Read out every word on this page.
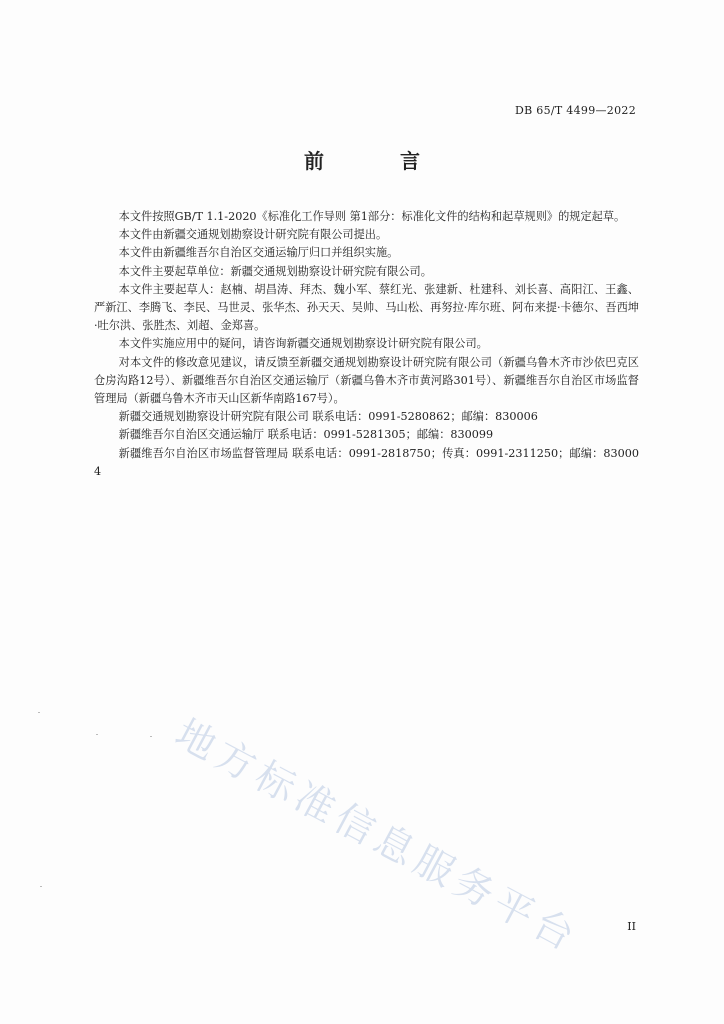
DB 65/T 4499—2022
前　言

本文件按照GB/T 1.1-2020《标准化工作导则 第1部分：标准化文件的结构和起草规则》的规定起草。

本文件由新疆交通规划勘察设计研究院有限公司提出。

本文件由新疆维吾尔自治区交通运输厅归口并组织实施。

本文件主要起草单位：新疆交通规划勘察设计研究院有限公司。

本文件主要起草人：赵楠、胡昌涛、拜杰、魏小军、蔡红光、张建新、杜建科、刘长喜、高阳江、王鑫、严新江、李腾飞、李民、马世灵、张华杰、孙天天、吴帅、马山松、再努拉·库尔班、阿布来提·卡德尔、吾西坤·吐尔洪、张胜杰、刘超、金郑喜。

本文件实施应用中的疑问，请咨询新疆交通规划勘察设计研究院有限公司。

对本文件的修改意见建议，请反馈至新疆交通规划勘察设计研究院有限公司（新疆乌鲁木齐市沙依巴克区仓房沟路12号）、新疆维吾尔自治区交通运输厅（新疆乌鲁木齐市黄河路301号）、新疆维吾尔自治区市场监督管理局（新疆乌鲁木齐市天山区新华南路167号）。

新疆交通规划勘察设计研究院有限公司 联系电话：0991-5280862；邮编：830006

新疆维吾尔自治区交通运输厅 联系电话：0991-5281305；邮编：830099

新疆维吾尔自治区市场监督管理局 联系电话：0991-2818750；传真：0991-2311250；邮编：830004

地方标准信息服务平台	II
